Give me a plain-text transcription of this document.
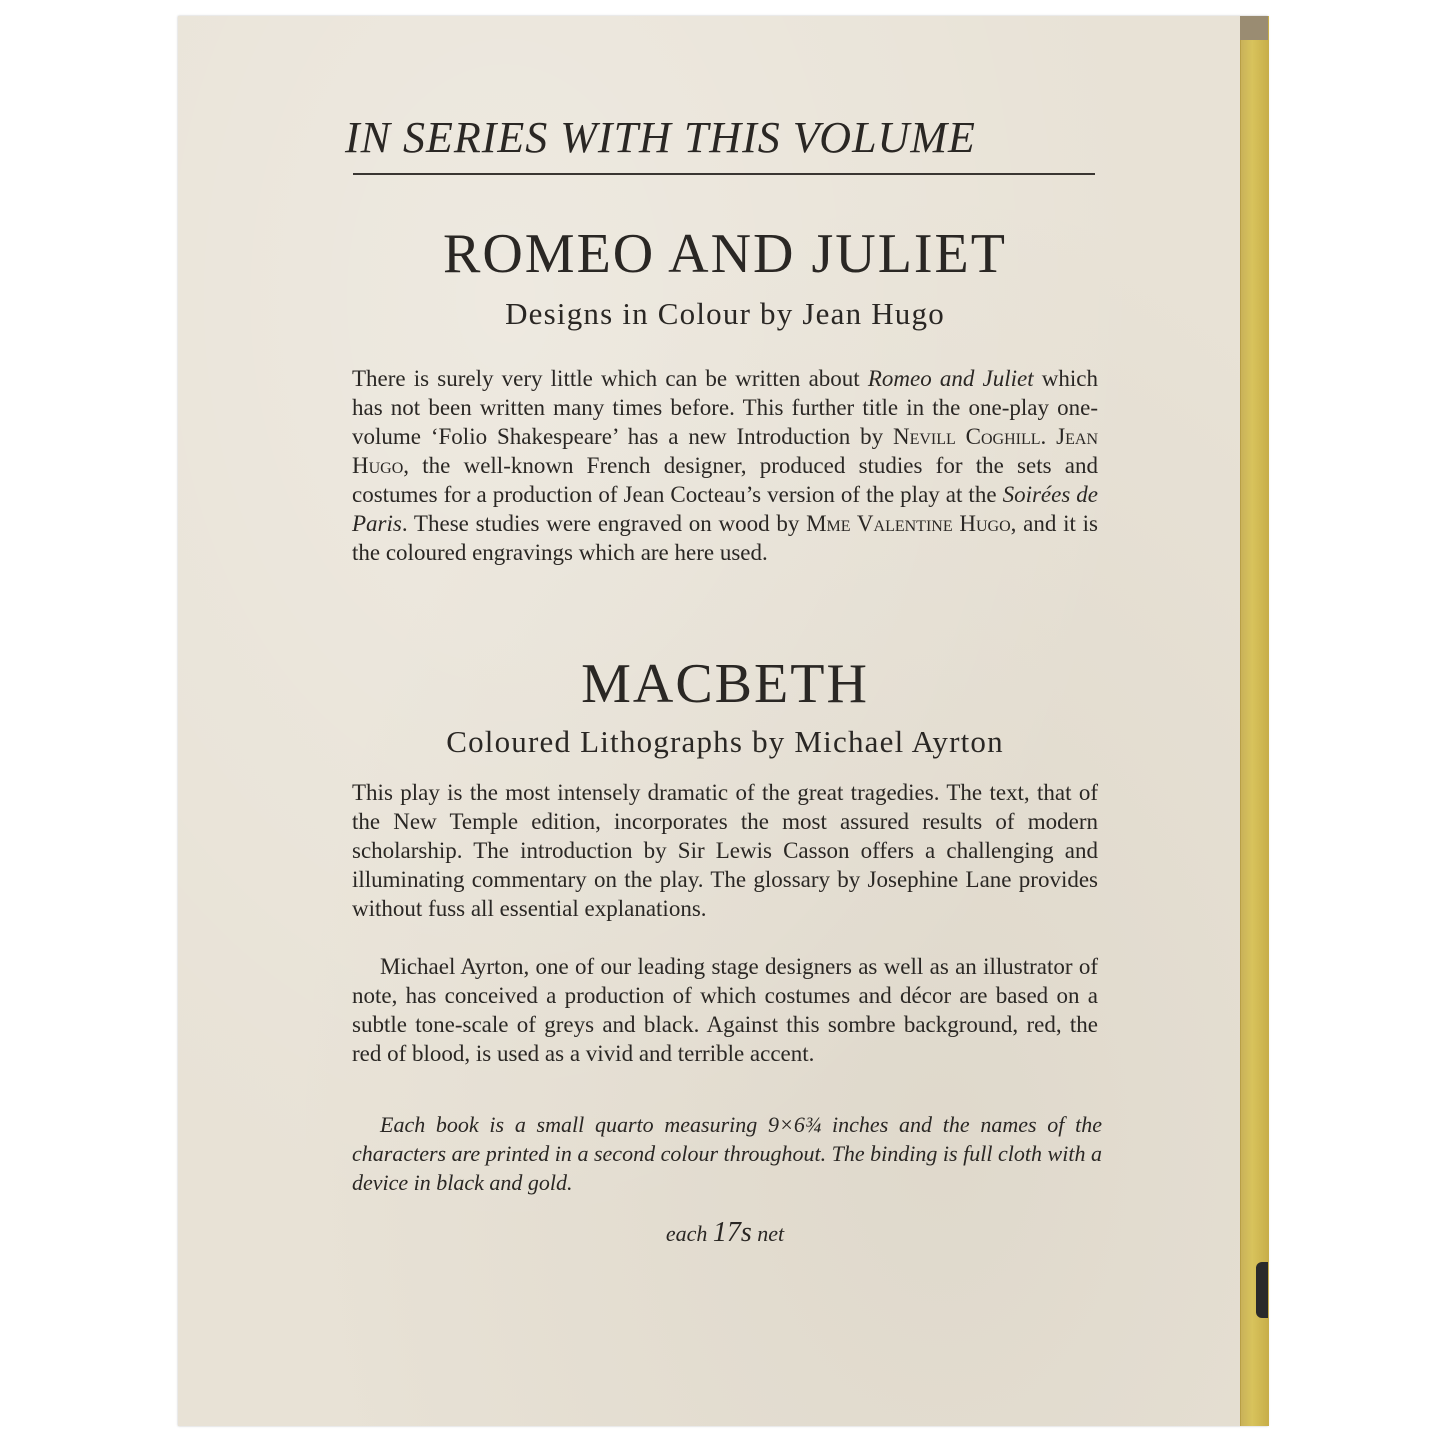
IN SERIES WITH THIS VOLUME
ROMEO AND JULIET
Designs in Colour by Jean Hugo
There is surely very little which can be written about Romeo and Juliet which has not been written many times before. This further title in the one-play one-volume ‘Folio Shakespeare’ has a new Introduction by Nevill Coghill. Jean Hugo, the well-known French designer, produced studies for the sets and costumes for a production of Jean Cocteau’s version of the play at the Soirées de Paris. These studies were engraved on wood by Mme Valentine Hugo, and it is the coloured engravings which are here used.
MACBETH
Coloured Lithographs by Michael Ayrton
This play is the most intensely dramatic of the great tragedies. The text, that of the New Temple edition, incorporates the most assured results of modern scholarship. The introduction by Sir Lewis Casson offers a challenging and illuminating commentary on the play. The glossary by Josephine Lane provides without fuss all essential explanations.
Michael Ayrton, one of our leading stage designers as well as an illustrator of note, has conceived a production of which costumes and décor are based on a subtle tone-scale of greys and black. Against this sombre background, red, the red of blood, is used as a vivid and terrible accent.
Each book is a small quarto measuring 9×6¾ inches and the names of the characters are printed in a second colour throughout. The binding is full cloth with a device in black and gold.
each 17s net
